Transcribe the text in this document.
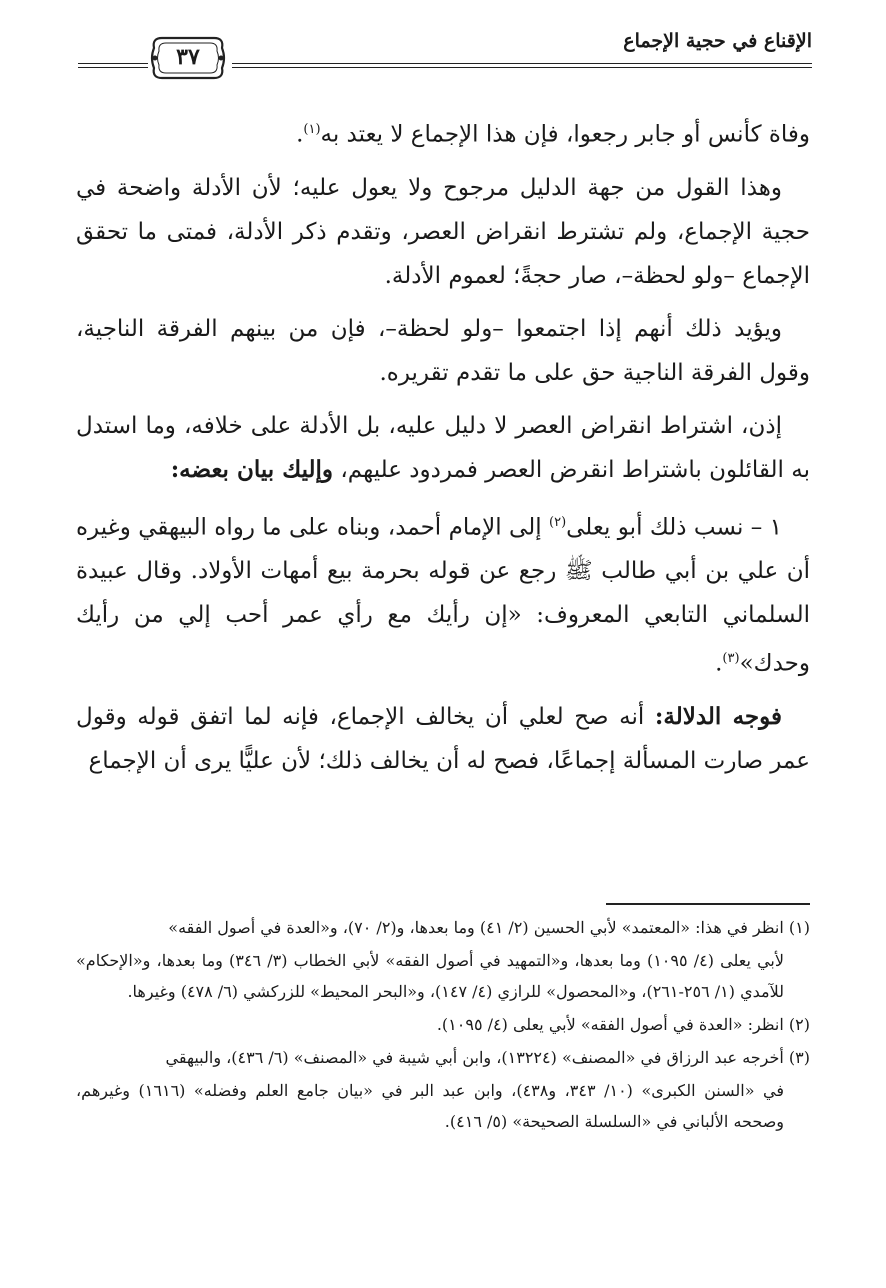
الإقناع في حجية الإجماع
٣٧

وفاة كأنس أو جابر رجعوا، فإن هذا الإجماع لا يعتد به$^{(١)}$.

وهذا القول من جهة الدليل مرجوح ولا يعول عليه؛ لأن الأدلة واضحة في حجية الإجماع، ولم تشترط انقراض العصر، وتقدم ذكر الأدلة، فمتى ما تحقق الإجماع –ولو لحظة–، صار حجةً؛ لعموم الأدلة.

ويؤيد ذلك أنهم إذا اجتمعوا –ولو لحظة–، فإن من بينهم الفرقة الناجية، وقول الفرقة الناجية حق على ما تقدم تقريره.

إذن، اشتراط انقراض العصر لا دليل عليه، بل الأدلة على خلافه، وما استدل به القائلون باشتراط انقرض العصر فمردود عليهم، وإليك بيان بعضه:

١ – نسب ذلك أبو يعلى$^{(٢)}$ إلى الإمام أحمد، وبناه على ما رواه البيهقي وغيره أن علي بن أبي طالب ﷺ رجع عن قوله بحرمة بيع أمهات الأولاد. وقال عبيدة السلماني التابعي المعروف: «إن رأيك مع رأي عمر أحب إلي من رأيك وحدك»$^{(٣)}$.

فوجه الدلالة: أنه صح لعلي أن يخالف الإجماع، فإنه لما اتفق قوله وقول عمر صارت المسألة إجماعًا، فصح له أن يخالف ذلك؛ لأن عليًّا يرى أن الإجماع

(١) انظر في هذا: «المعتمد» لأبي الحسين (٢/ ٤١) وما بعدها، و(٢/ ٧٠)، و«العدة في أصول الفقه»

لأبي يعلى (٤/ ١٠٩٥) وما بعدها، و«التمهيد في أصول الفقه» لأبي الخطاب (٣/ ٣٤٦) وما بعدها، و«الإحكام» للآمدي (١/ ٢٥٦-٢٦١)، و«المحصول» للرازي (٤/ ١٤٧)، و«البحر المحيط» للزركشي (٦/ ٤٧٨) وغيرها.

(٢) انظر: «العدة في أصول الفقه» لأبي يعلى (٤/ ١٠٩٥).

(٣) أخرجه عبد الرزاق في «المصنف» (١٣٢٢٤)، وابن أبي شيبة في «المصنف» (٦/ ٤٣٦)، والبيهقي

في «السنن الكبرى» (١٠/ ٣٤٣، و٤٣٨)، وابن عبد البر في «بيان جامع العلم وفضله» (١٦١٦) وغيرهم، وصححه الألباني في «السلسلة الصحيحة» (٥/ ٤١٦).
